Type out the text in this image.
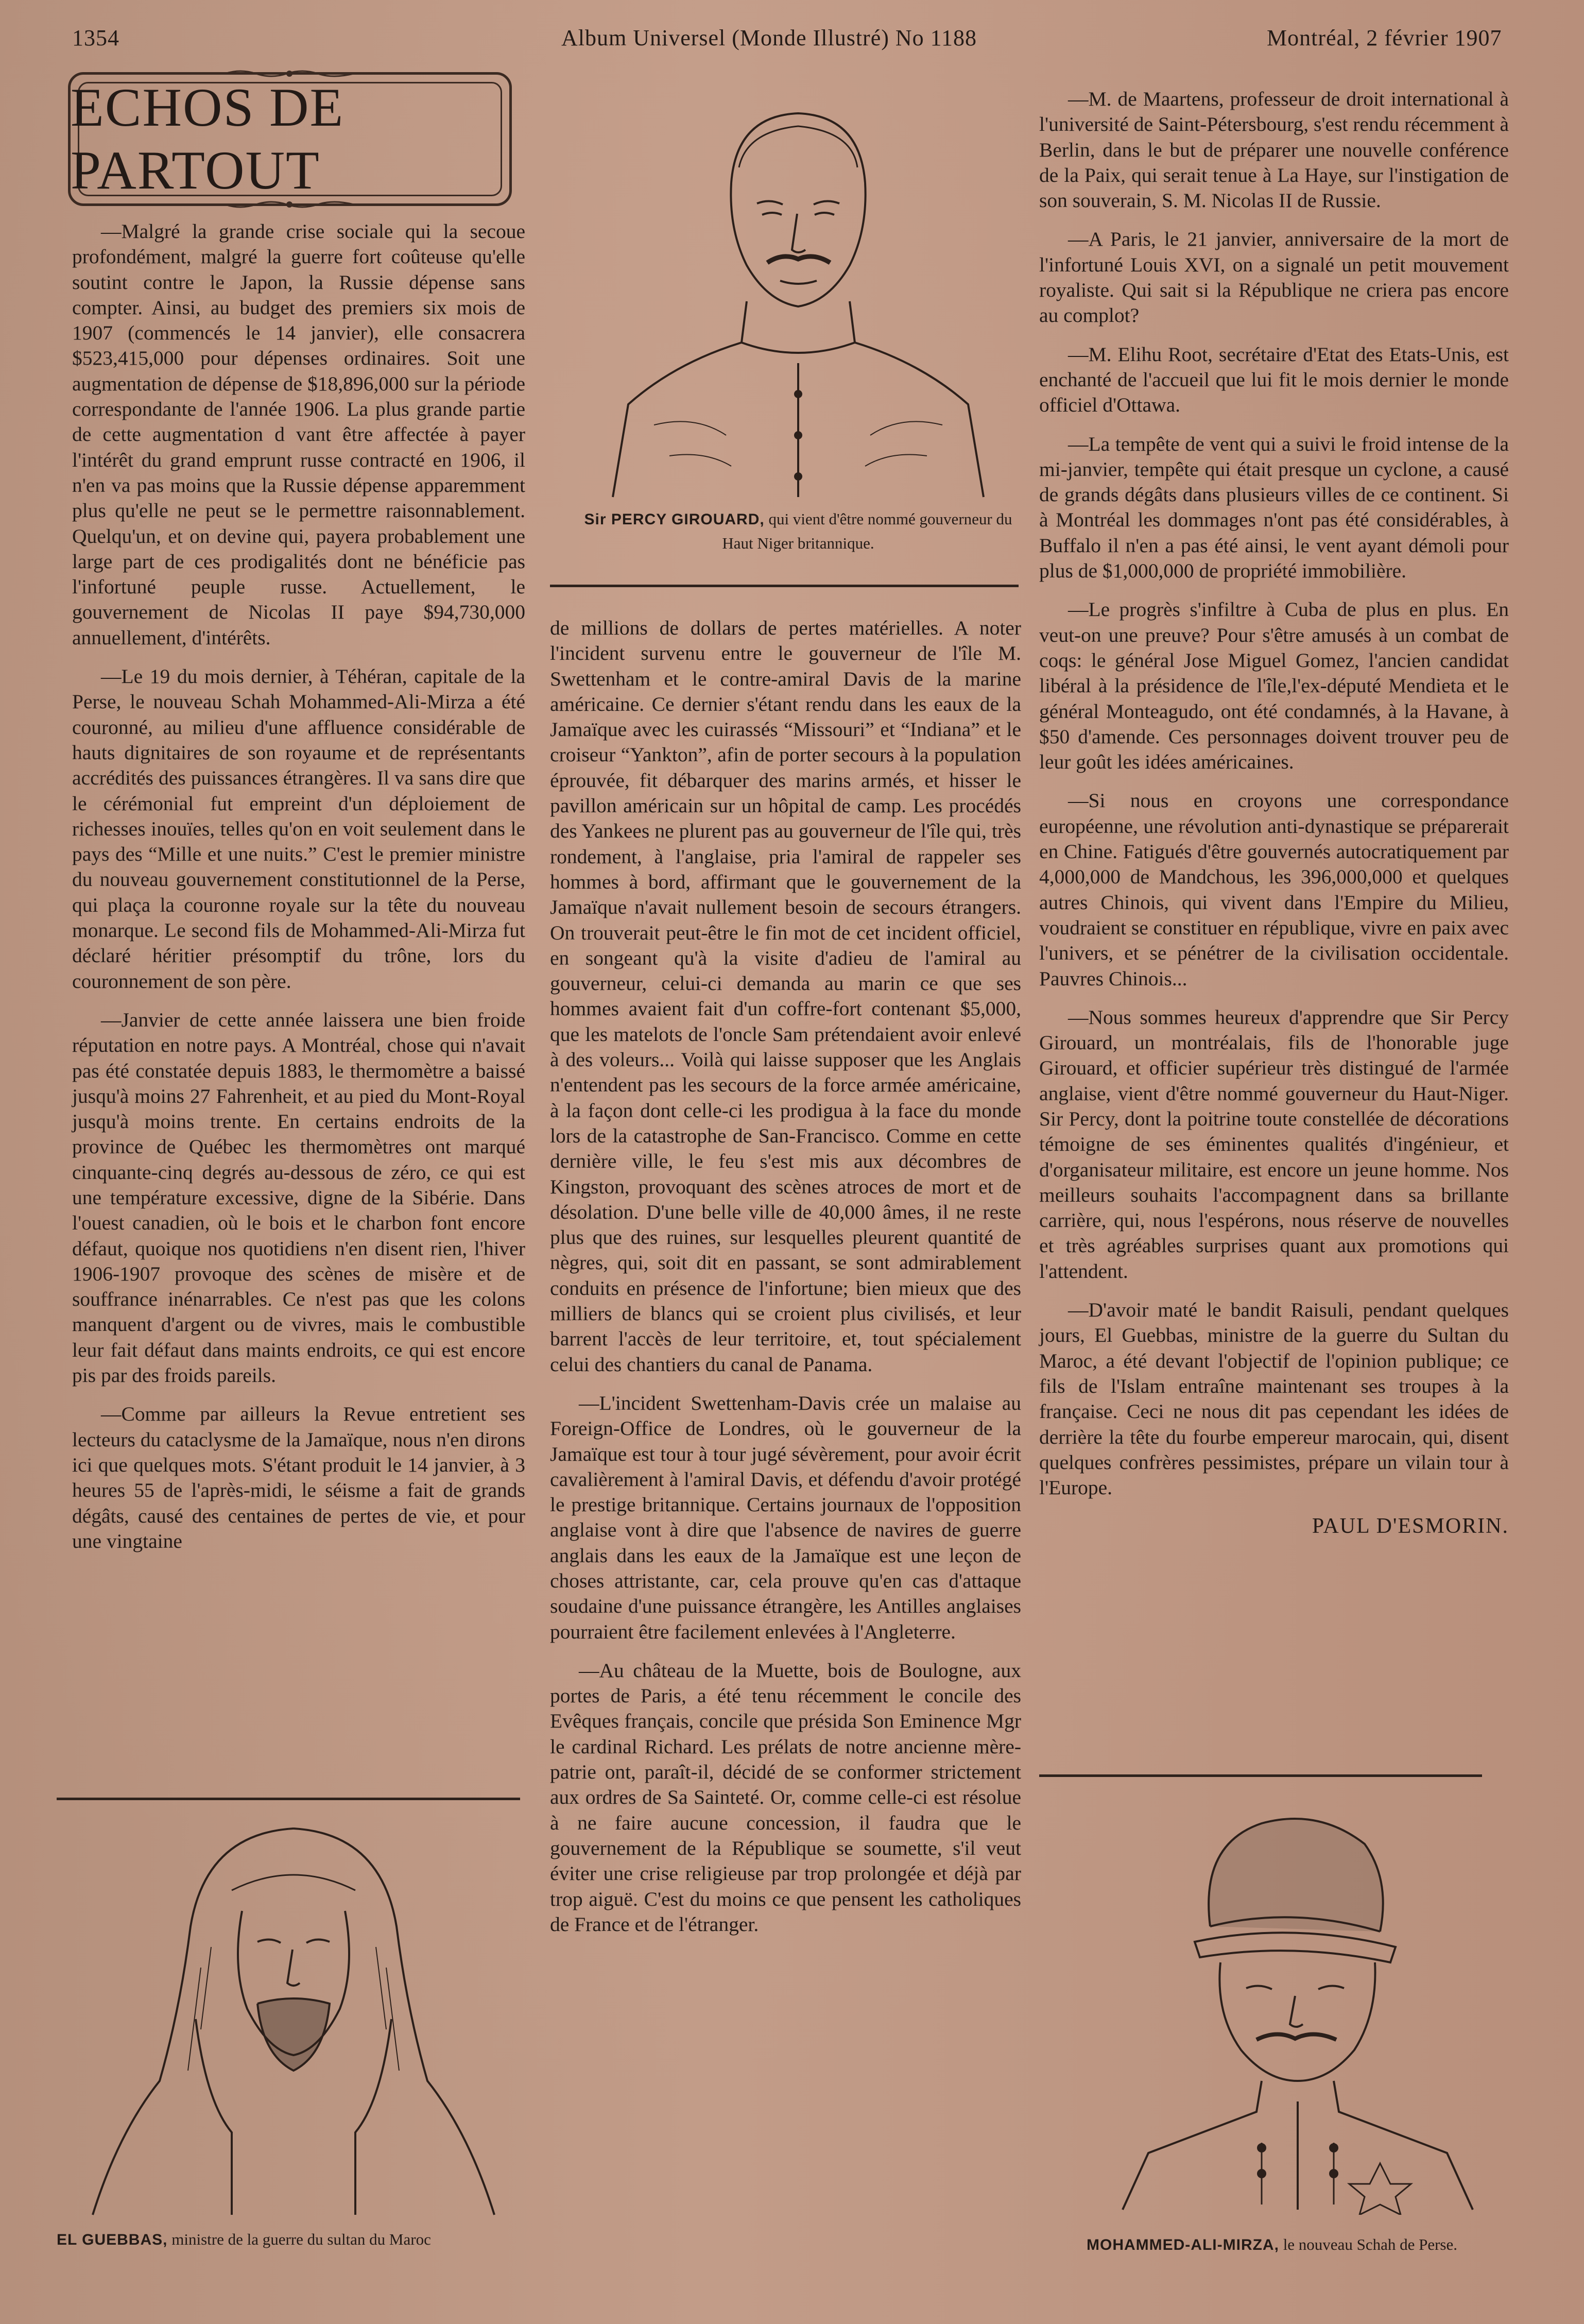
1354	Album Universel (Monde Illustré) No 1188	Montréal, 2 février 1907
ECHOS DE PARTOUT

—Malgré la grande crise sociale qui la secoue profondément, malgré la guerre fort coûteuse qu'elle soutint contre le Japon, la Russie dépense sans compter. Ainsi, au budget des premiers six mois de 1907 (commencés le 14 janvier), elle consacrera $523,415,000 pour dépenses ordinaires. Soit une augmentation de dépense de $18,896,000 sur la période correspondante de l'année 1906. La plus grande partie de cette augmentation d vant être affectée à payer l'intérêt du grand emprunt russe contracté en 1906, il n'en va pas moins que la Russie dépense apparemment plus qu'elle ne peut se le permettre raisonnablement. Quelqu'un, et on devine qui, payera probablement une large part de ces prodigalités dont ne bénéficie pas l'infortuné peuple russe. Actuellement, le gouvernement de Nicolas II paye $94,730,000 annuellement, d'intérêts.

—Le 19 du mois dernier, à Téhéran, capitale de la Perse, le nouveau Schah Mohammed-Ali-Mirza a été couronné, au milieu d'une affluence considérable de hauts dignitaires de son royaume et de représentants accrédités des puissances étrangères. Il va sans dire que le cérémonial fut empreint d'un déploiement de richesses inouïes, telles qu'on en voit seulement dans le pays des “Mille et une nuits.” C'est le premier ministre du nouveau gouvernement constitutionnel de la Perse, qui plaça la couronne royale sur la tête du nouveau monarque. Le second fils de Mohammed-Ali-Mirza fut déclaré héritier présomptif du trône, lors du couronnement de son père.

—Janvier de cette année laissera une bien froide réputation en notre pays. A Montréal, chose qui n'avait pas été constatée depuis 1883, le thermomètre a baissé jusqu'à moins 27 Fahrenheit, et au pied du Mont-Royal jusqu'à moins trente. En certains endroits de la province de Québec les thermomètres ont marqué cinquante-cinq degrés au-dessous de zéro, ce qui est une température excessive, digne de la Sibérie. Dans l'ouest canadien, où le bois et le charbon font encore défaut, quoique nos quotidiens n'en disent rien, l'hiver 1906-1907 provoque des scènes de misère et de souffrance inénarrables. Ce n'est pas que les colons manquent d'argent ou de vivres, mais le combustible leur fait défaut dans maints endroits, ce qui est encore pis par des froids pareils.

—Comme par ailleurs la Revue entretient ses lecteurs du cataclysme de la Jamaïque, nous n'en dirons ici que quelques mots. S'étant produit le 14 janvier, à 3 heures 55 de l'après-midi, le séisme a fait de grands dégâts, causé des centaines de pertes de vie, et pour une vingtaine

Sir PERCY GIROUARD, qui vient d'être nommé gouverneur du Haut Niger britannique.

de millions de dollars de pertes matérielles. A noter l'incident survenu entre le gouverneur de l'île M. Swettenham et le contre-amiral Davis de la marine américaine. Ce dernier s'étant rendu dans les eaux de la Jamaïque avec les cuirassés “Missouri” et “Indiana” et le croiseur “Yankton”, afin de porter secours à la population éprouvée, fit débarquer des marins armés, et hisser le pavillon américain sur un hôpital de camp. Les procédés des Yankees ne plurent pas au gouverneur de l'île qui, très rondement, à l'anglaise, pria l'amiral de rappeler ses hommes à bord, affirmant que le gouvernement de la Jamaïque n'avait nullement besoin de secours étrangers. On trouverait peut-être le fin mot de cet incident officiel, en songeant qu'à la visite d'adieu de l'amiral au gouverneur, celui-ci demanda au marin ce que ses hommes avaient fait d'un coffre-fort contenant $5,000, que les matelots de l'oncle Sam prétendaient avoir enlevé à des voleurs... Voilà qui laisse supposer que les Anglais n'entendent pas les secours de la force armée américaine, à la façon dont celle-ci les prodigua à la face du monde lors de la catastrophe de San-Francisco. Comme en cette dernière ville, le feu s'est mis aux décombres de Kingston, provoquant des scènes atroces de mort et de désolation. D'une belle ville de 40,000 âmes, il ne reste plus que des ruines, sur lesquelles pleurent quantité de nègres, qui, soit dit en passant, se sont admirablement conduits en présence de l'infortune; bien mieux que des milliers de blancs qui se croient plus civilisés, et leur barrent l'accès de leur territoire, et, tout spécialement celui des chantiers du canal de Panama.

—L'incident Swettenham-Davis crée un malaise au Foreign-Office de Londres, où le gouverneur de la Jamaïque est tour à tour jugé sévèrement, pour avoir écrit cavalièrement à l'amiral Davis, et défendu d'avoir protégé le prestige britannique. Certains journaux de l'opposition anglaise vont à dire que l'absence de navires de guerre anglais dans les eaux de la Jamaïque est une leçon de choses attristante, car, cela prouve qu'en cas d'attaque soudaine d'une puissance étrangère, les Antilles anglaises pourraient être facilement enlevées à l'Angleterre.

—Au château de la Muette, bois de Boulogne, aux portes de Paris, a été tenu récemment le concile des Evêques français, concile que présida Son Eminence Mgr le cardinal Richard. Les prélats de notre ancienne mère-patrie ont, paraît-il, décidé de se conformer strictement aux ordres de Sa Sainteté. Or, comme celle-ci est résolue à ne faire aucune concession, il faudra que le gouvernement de la République se soumette, s'il veut éviter une crise religieuse par trop prolongée et déjà par trop aiguë. C'est du moins ce que pensent les catholiques de France et de l'étranger.

—M. de Maartens, professeur de droit international à l'université de Saint-Pétersbourg, s'est rendu récemment à Berlin, dans le but de préparer une nouvelle conférence de la Paix, qui serait tenue à La Haye, sur l'instigation de son souverain, S. M. Nicolas II de Russie.

—A Paris, le 21 janvier, anniversaire de la mort de l'infortuné Louis XVI, on a signalé un petit mouvement royaliste. Qui sait si la République ne criera pas encore au complot?

—M. Elihu Root, secrétaire d'Etat des Etats-Unis, est enchanté de l'accueil que lui fit le mois dernier le monde officiel d'Ottawa.

—La tempête de vent qui a suivi le froid intense de la mi-janvier, tempête qui était presque un cyclone, a causé de grands dégâts dans plusieurs villes de ce continent. Si à Montréal les dommages n'ont pas été considérables, à Buffalo il n'en a pas été ainsi, le vent ayant démoli pour plus de $1,000,000 de propriété immobilière.

—Le progrès s'infiltre à Cuba de plus en plus. En veut-on une preuve? Pour s'être amusés à un combat de coqs: le général Jose Miguel Gomez, l'ancien candidat libéral à la présidence de l'île,l'ex-député Mendieta et le général Monteagudo, ont été condamnés, à la Havane, à $50 d'amende. Ces personnages doivent trouver peu de leur goût les idées américaines.

—Si nous en croyons une correspondance européenne, une révolution anti-dynastique se préparerait en Chine. Fatigués d'être gouvernés autocratiquement par 4,000,000 de Mandchous, les 396,000,000 et quelques autres Chinois, qui vivent dans l'Empire du Milieu, voudraient se constituer en république, vivre en paix avec l'univers, et se pénétrer de la civilisation occidentale. Pauvres Chinois...

—Nous sommes heureux d'apprendre que Sir Percy Girouard, un montréalais, fils de l'honorable juge Girouard, et officier supérieur très distingué de l'armée anglaise, vient d'être nommé gouverneur du Haut-Niger. Sir Percy, dont la poitrine toute constellée de décorations témoigne de ses éminentes qualités d'ingénieur, et d'organisateur militaire, est encore un jeune homme. Nos meilleurs souhaits l'accompagnent dans sa brillante carrière, qui, nous l'espérons, nous réserve de nouvelles et très agréables surprises quant aux promotions qui l'attendent.

—D'avoir maté le bandit Raisuli, pendant quelques jours, El Guebbas, ministre de la guerre du Sultan du Maroc, a été devant l'objectif de l'opinion publique; ce fils de l'Islam entraîne maintenant ses troupes à la française. Ceci ne nous dit pas cependant les idées de derrière la tête du fourbe empereur marocain, qui, disent quelques confrères pessimistes, prépare un vilain tour à l'Europe.

PAUL D'ESMORIN.

EL GUEBBAS, ministre de la guerre du sultan du Maroc	MOHAMMED-ALI-MIRZA, le nouveau Schah de Perse.
